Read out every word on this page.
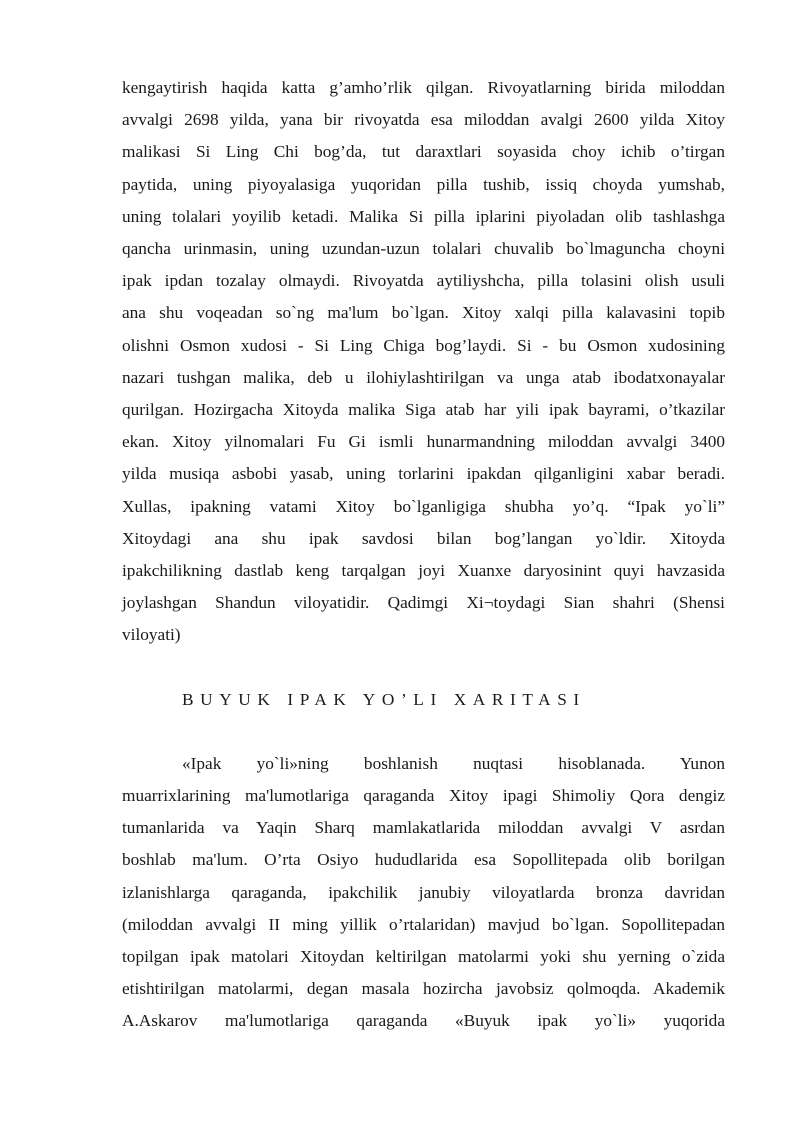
kengaytirish haqida katta g’amho’rlik qilgan. Rivoyatlarning birida miloddan
avvalgi 2698 yilda, yana bir rivoyatda esa miloddan avalgi 2600 yilda Xitoy
malikasi Si Ling Chi bog’da, tut daraxtlari soyasida choy ichib o’tirgan
paytida, uning piyoyalasiga yuqoridan pilla tushib, issiq choyda yumshab,
uning tolalari yoyilib ketadi. Malika Si pilla iplarini piyoladan olib tashlashga
qancha urinmasin, uning uzundan-uzun tolalari chuvalib bo`lmaguncha choyni
ipak ipdan tozalay olmaydi. Rivoyatda aytiliyshcha, pilla tolasini olish usuli
ana shu voqeadan so`ng ma'lum bo`lgan. Xitoy xalqi pilla kalavasini topib
olishni Osmon xudosi - Si Ling Chiga bog’laydi. Si - bu Osmon xudosining
nazari tushgan malika, deb u ilohiylashtirilgan va unga atab ibodatxonayalar
qurilgan. Hozirgacha Xitoyda malika Siga atab har yili ipak bayrami, o’tkazilar
ekan. Xitoy yilnomalari Fu Gi ismli hunarmandning miloddan avvalgi 3400
yilda musiqa asbobi yasab, uning torlarini ipakdan qilganligini xabar beradi.
Xullas, ipakning vatami Xitoy bo`lganligiga shubha yo’q. “Ipak yo`li”
Xitoydagi ana shu ipak savdosi bilan bog’langan yo`ldir. Xitoyda
ipakchilikning dastlab keng tarqalgan joyi Xuanxe daryosinint quyi havzasida
joylashgan Shandun viloyatidir. Qadimgi Xi¬toydagi Sian shahri (Shensi
viloyati)
BUYUK IPAK YO’LI XARITASI
«Ipak yo`li»ning boshlanish nuqtasi hisoblanada. Yunon
muarrixlarining ma'lumotlariga qaraganda Xitoy ipagi Shimoliy Qora dengiz
tumanlarida va Yaqin Sharq mamlakatlarida miloddan avvalgi V asrdan
boshlab ma'lum. O’rta Osiyo hududlarida esa Sopollitepada olib borilgan
izlanishlarga qaraganda, ipakchilik janubiy viloyatlarda bronza davridan
(miloddan avvalgi II ming yillik o’rtalaridan) mavjud bo`lgan. Sopollitepadan
topilgan ipak matolari Xitoydan keltirilgan matolarmi yoki shu yerning o`zida
etishtirilgan matolarmi, degan masala hozircha javobsiz qolmoqda. Akademik
A.Askarov ma'lumotlariga qaraganda «Buyuk ipak yo`li» yuqorida
